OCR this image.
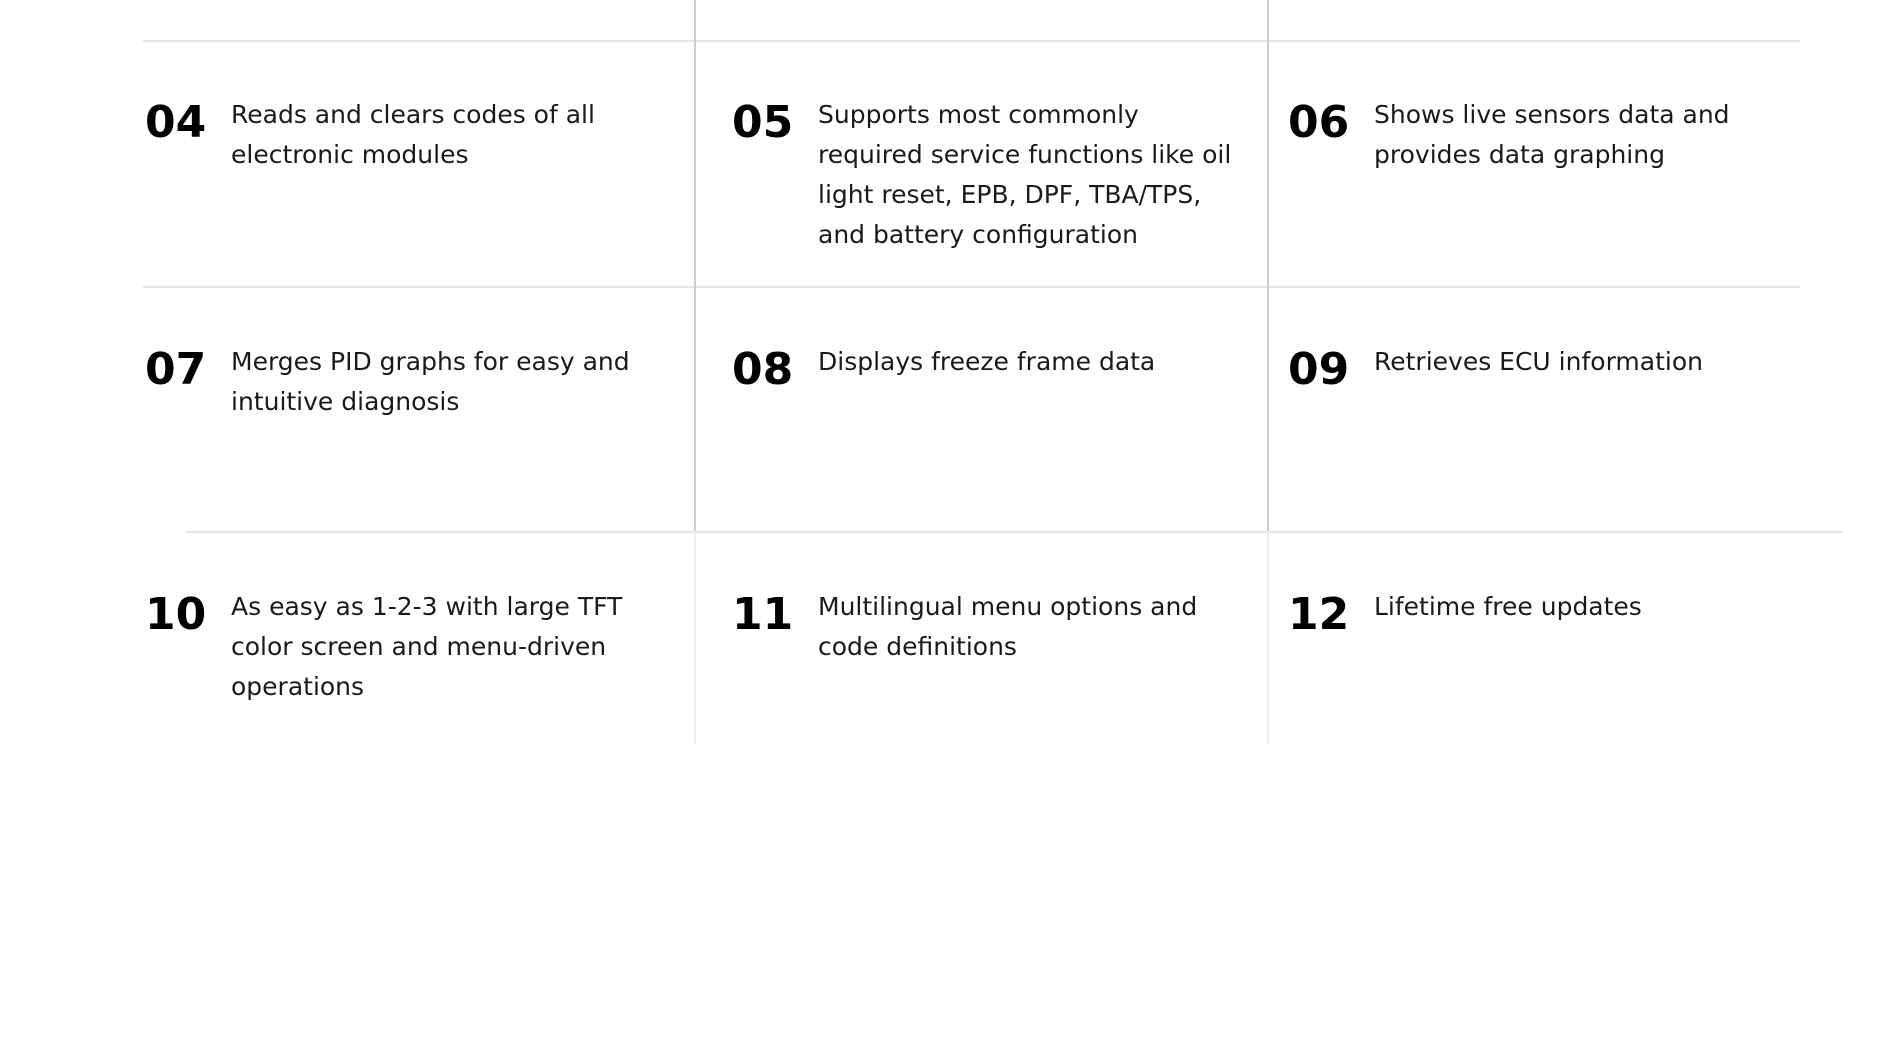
04 Reads and clears codes of all electronic modules
05 Supports most commonly required service functions like oil light reset, EPB, DPF, TBA/TPS, and battery configuration
06 Shows live sensors data and provides data graphing
07 Merges PID graphs for easy and intuitive diagnosis
08 Displays freeze frame data	09 Retrieves ECU information
10 As easy as 1-2-3 with large TFT color screen and menu-driven operations
11 Multilingual menu options and code definitions
12 Lifetime free updates
